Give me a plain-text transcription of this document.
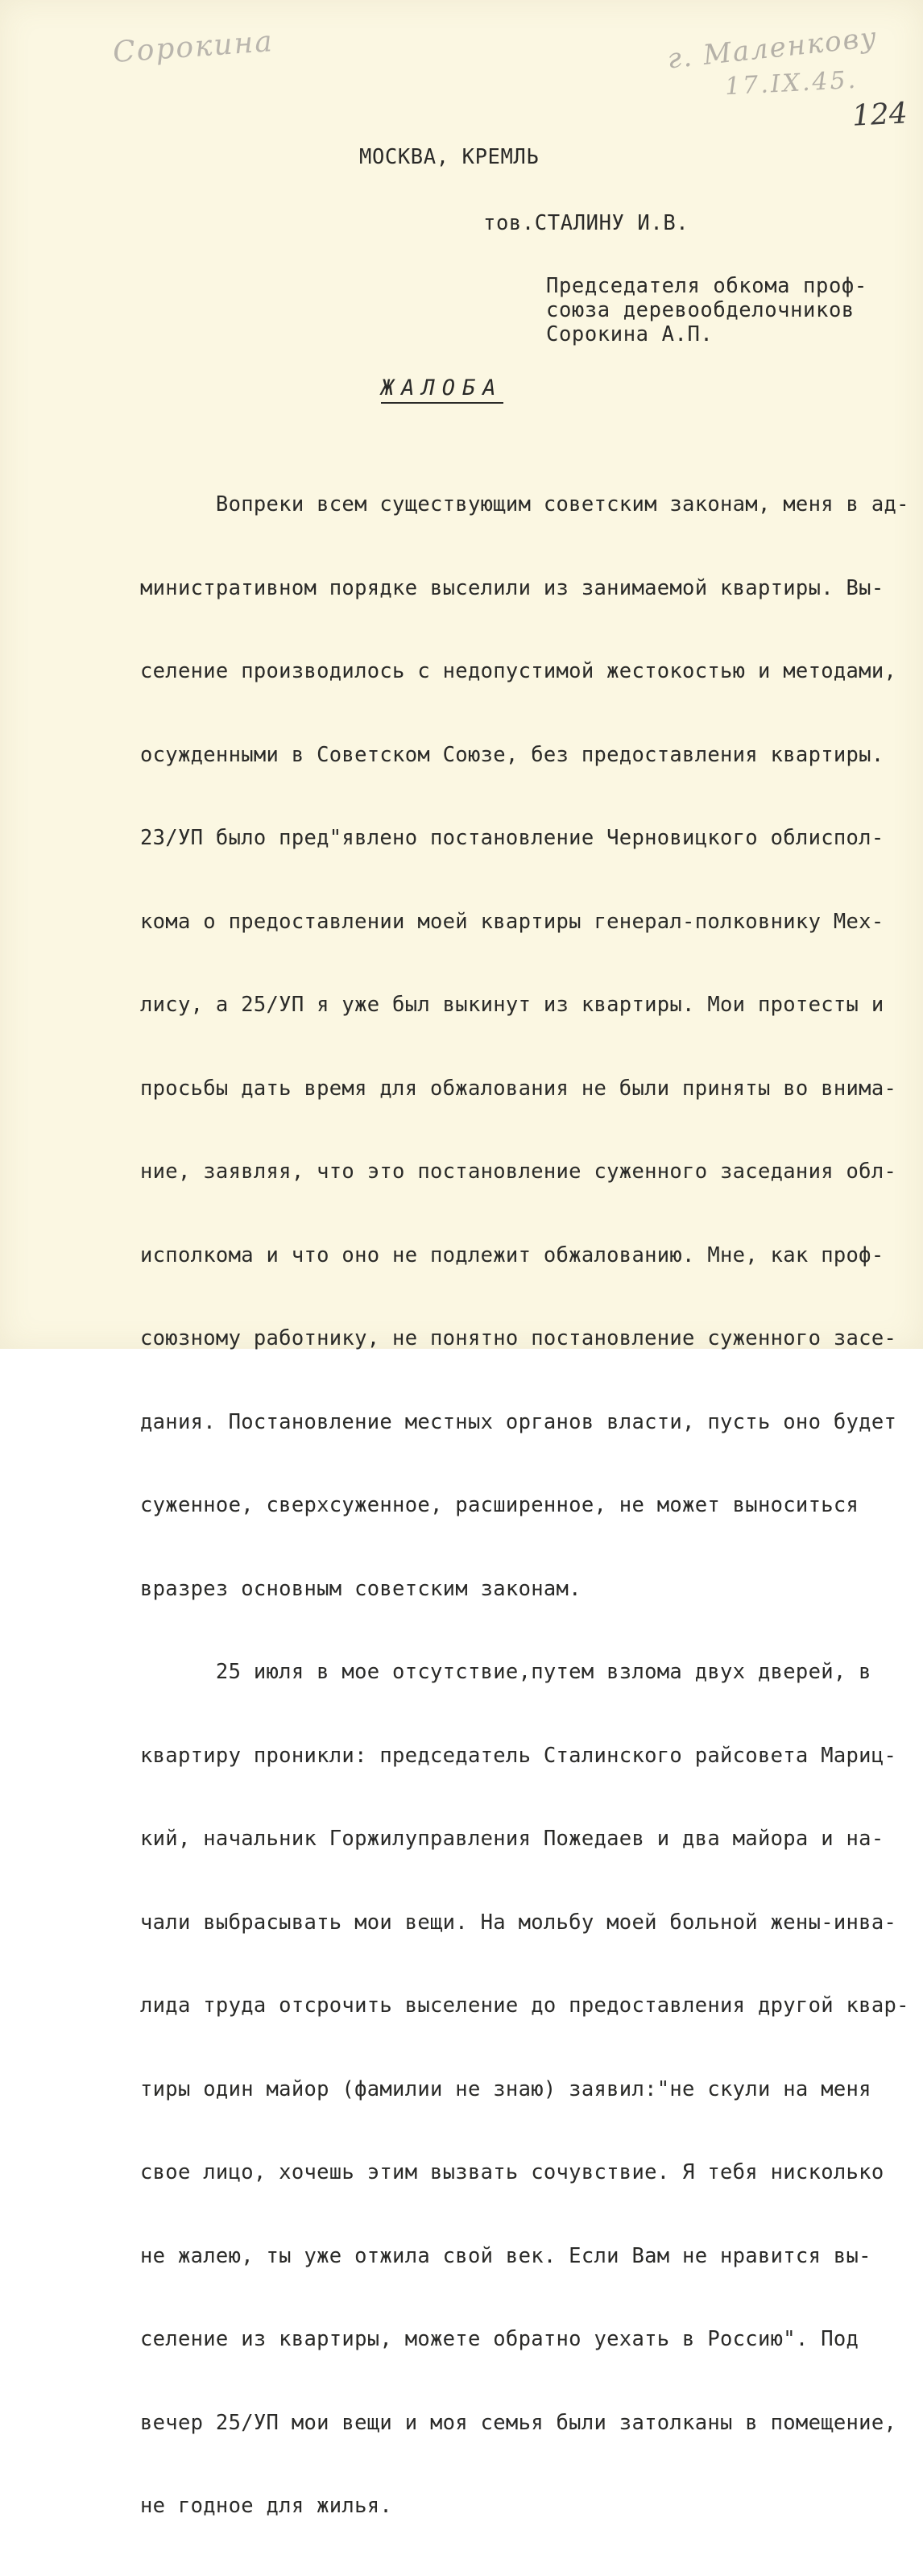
Сорокина	г. Маленкову
17.IX.45.
124
МОСКВА, КРЕМЛЬ
тов.СТАЛИНУ И.В.
Председателя обкома проф-
союза деревообделочников
Сорокина А.П.
ЖАЛОБА

Вопреки всем существующим советским законам, меня в ад-

министративном порядке выселили из занимаемой квартиры. Вы-

селение производилось с недопустимой жестокостью и методами,

осужденными в Советском Союзе, без предоставления квартиры.

23/УП было пред"явлено постановление Черновицкого облиспол-

кома о предоставлении моей квартиры генерал-полковнику Мех-

лису, а 25/УП я уже был выкинут из квартиры. Мои протесты и

просьбы дать время для обжалования не были приняты во внима-

ние, заявляя, что это постановление суженного заседания обл-

исполкома и что оно не подлежит обжалованию. Мне, как проф-

союзному работнику, не понятно постановление суженного засе-

дания. Постановление местных органов власти, пусть оно будет

суженное, сверхсуженное, расширенное, не может выноситься

вразрез основным советским законам.

25 июля в мое отсутствие,путем взлома двух дверей, в

квартиру проникли: председатель Сталинского райсовета Мариц-

кий, начальник Горжилуправления Пожедаев и два майора и на-

чали выбрасывать мои вещи. На мольбу моей больной жены-инва-

лида труда отсрочить выселение до предоставления другой квар-

тиры один майор (фамилии не знаю) заявил:"не скули на меня

свое лицо, хочешь этим вызвать сочувствие. Я тебя нисколько

не жалею, ты уже отжила свой век. Если Вам не нравится вы-

селение из квартиры, можете обратно уехать в Россию". Под

вечер 25/УП мои вещи и моя семья были затолканы в помещение,

не годное для жилья.
